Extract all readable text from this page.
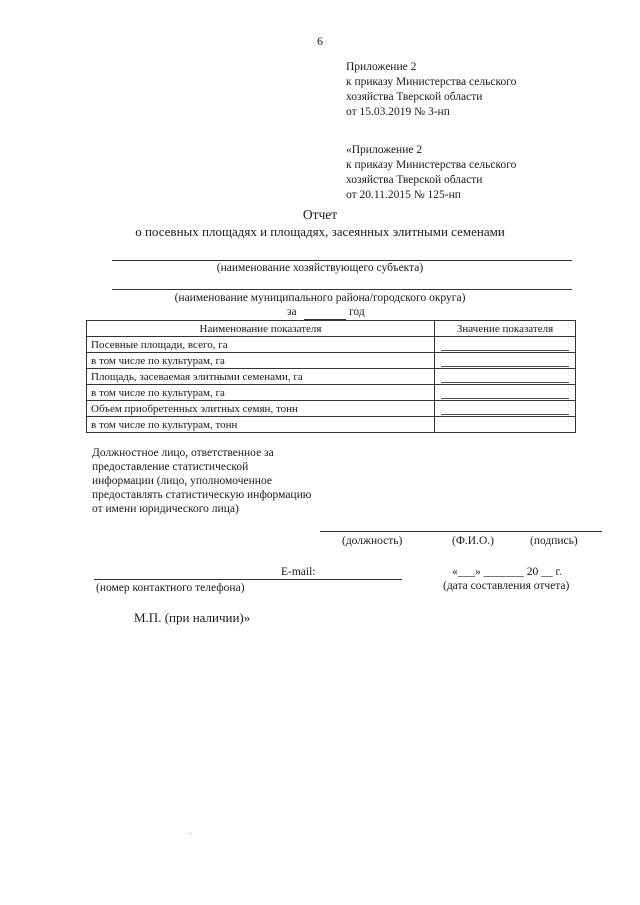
6
Приложение 2
к приказу Министерства сельского
хозяйства Тверской области
от 15.03.2019 № 3-нп
«Приложение 2
к приказу Министерства сельского
хозяйства Тверской области
от 20.11.2015 № 125-нп
Отчет
о посевных площадях и площадях, засеянных элитными семенами
(наименование хозяйствующего субъекта)
(наименование муниципального района/городского округа)
за	год
Наименование показателя	Значение показателя
Посевные площади, всего, га	

в том числе по культурам, га	

Площадь, засеваемая элитными семенами, га	

в том числе по культурам, га	

Объем приобретенных элитных семян, тонн	

в том числе по культурам, тонн	
Должностное лицо, ответственное за предоставление статистической информации (лицо, уполномоченное предоставлять статистическую информацию от имени юридического лица)
(должность)	(Ф.И.О.)	(подпись)
E-mail:
(номер контактного телефона)
«___» _______ 20 __ г.
(дата составления отчета)
М.П. (при наличии)»
